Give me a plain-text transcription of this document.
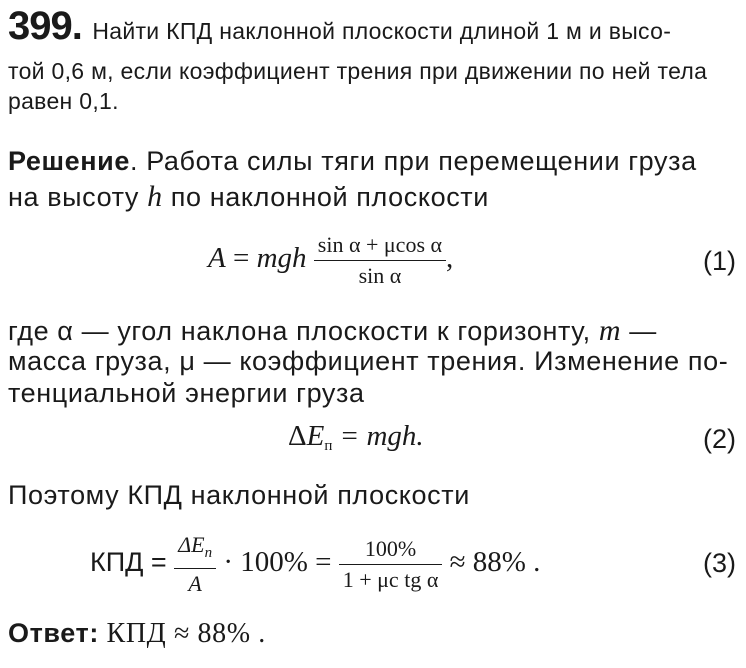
399. Найти КПД наклонной плоскости длиной 1 м и высо-
той 0,6 м, если коэффициент трения при движении по ней тела
равен 0,1.
Решение. Работа силы тяги при перемещении груза
на высоту h по наклонной плоскости
A = mgh $\frac{\text{sin α + μcos α}}{\text{sin α}}$ ,	(1)
где α — угол наклона плоскости к горизонту, m —
масса груза, μ — коэффициент трения. Изменение по-
тенциальной энергии груза
$\Delta E_п$ = mgh.	(2)
Поэтому КПД наклонной плоскости
КПД = $\frac{\Delta E_п}{A} \cdot 100\% = \frac{100\%}{\text{1 + μc tg α}} \approx 88\%$ .	(3)
Ответ: КПД ≈ 88% .
